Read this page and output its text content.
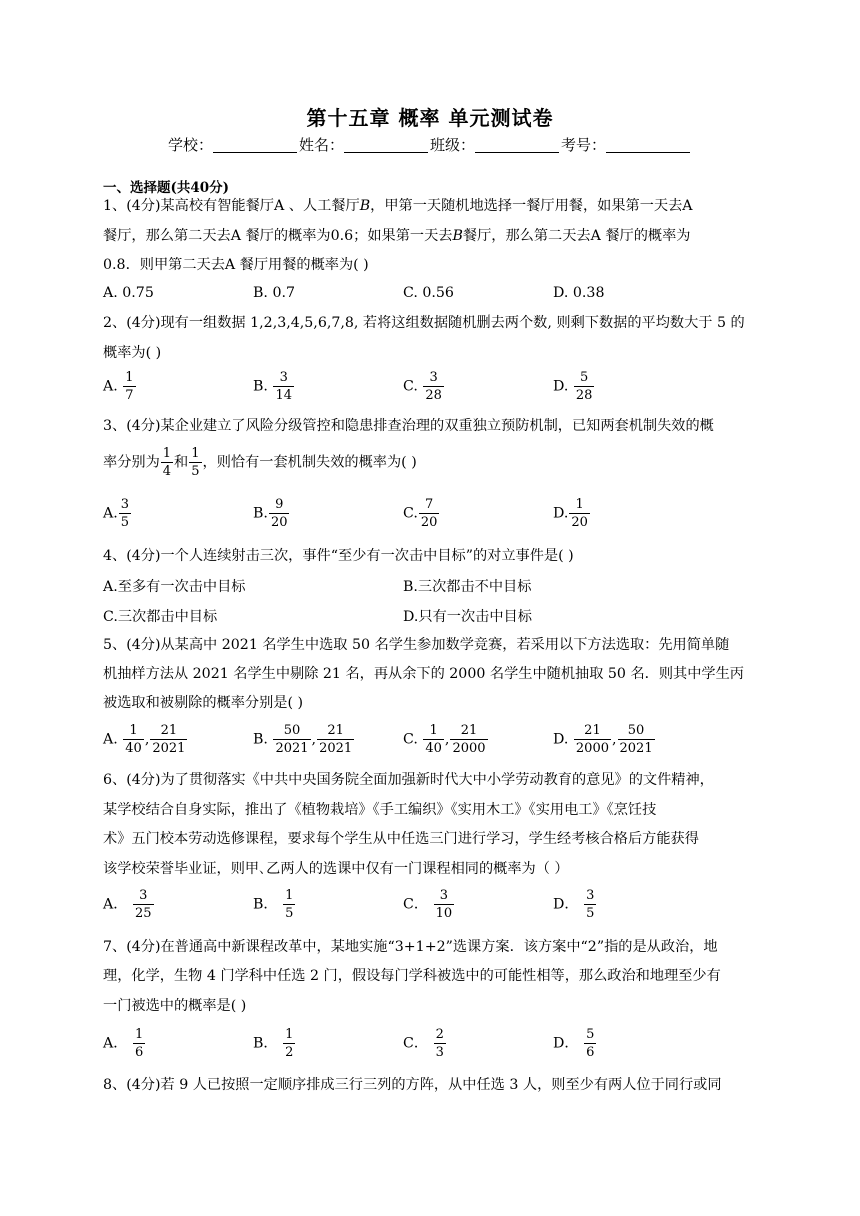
第十五章 概率 单元测试卷
学校：	姓名：	班级：	考号：
一、选择题(共40分)
1、(4分)某高校有智能餐厅A 、人工餐厅B，甲第一天随机地选择一餐厅用餐，如果第一天去A
餐厅，那么第二天去A 餐厅的概率为0.6；如果第一天去B餐厅，那么第二天去A 餐厅的概率为
0.8．则甲第二天去A 餐厅用餐的概率为( )
A. 0.75	B. 0.7	C. 0.56	D. 0.38
2、(4分)现有一组数据 1,2,3,4,5,6,7,8, 若将这组数据随机删去两个数, 则剩下数据的平均数大于 5 的
概率为( )
A. $\frac{1}{7}$	B. $\frac{3}{14}$	C. $\frac{3}{28}$	D. $\frac{5}{28}$
3、(4分)某企业建立了风险分级管控和隐患排查治理的双重独立预防机制，已知两套机制失效的概
率分别为 $\frac{1}{4}$ 和 $\frac{1}{5}$ ，则恰有一套机制失效的概率为( )
A. $\frac{3}{5}$	B. $\frac{9}{20}$	C. $\frac{7}{20}$	D. $\frac{1}{20}$
4、(4分)一个人连续射击三次，事件“至少有一次击中目标”的对立事件是( )
A.至多有一次击中目标	B.三次都击不中目标
C.三次都击中目标	D.只有一次击中目标
5、(4分)从某高中 2021 名学生中选取 50 名学生参加数学竞赛，若采用以下方法选取：先用简单随
机抽样方法从 2021 名学生中剔除 21 名，再从余下的 2000 名学生中随机抽取 50 名．则其中学生丙
被选取和被剔除的概率分别是( )
A. $\frac{1}{40}$ , $\frac{21}{2021}$	B. $\frac{50}{2021}$ , $\frac{21}{2021}$	C. $\frac{1}{40}$ , $\frac{21}{2000}$	D. $\frac{21}{2000}$ , $\frac{50}{2021}$
6、(4分)为了贯彻落实《中共中央国务院全面加强新时代大中小学劳动教育的意见》的文件精神，
某学校结合自身实际，推出了《植物栽培》《手工编织》《实用木工》《实用电工》《烹饪技
术》五门校本劳动选修课程，要求每个学生从中任选三门进行学习，学生经考核合格后方能获得
该学校荣誉毕业证，则甲､乙两人的选课中仅有一门课程相同的概率为（ ）
A． $\frac{3}{25}$	B． $\frac{1}{5}$	C． $\frac{3}{10}$	D． $\frac{3}{5}$
7、(4分)在普通高中新课程改革中，某地实施“3+1+2”选课方案．该方案中“2”指的是从政治，地
理，化学，生物 4 门学科中任选 2 门，假设每门学科被选中的可能性相等，那么政治和地理至少有
一门被选中的概率是( )
A． $\frac{1}{6}$	B． $\frac{1}{2}$	C． $\frac{2}{3}$	D． $\frac{5}{6}$
8、(4分)若 9 人已按照一定顺序排成三行三列的方阵，从中任选 3 人，则至少有两人位于同行或同
